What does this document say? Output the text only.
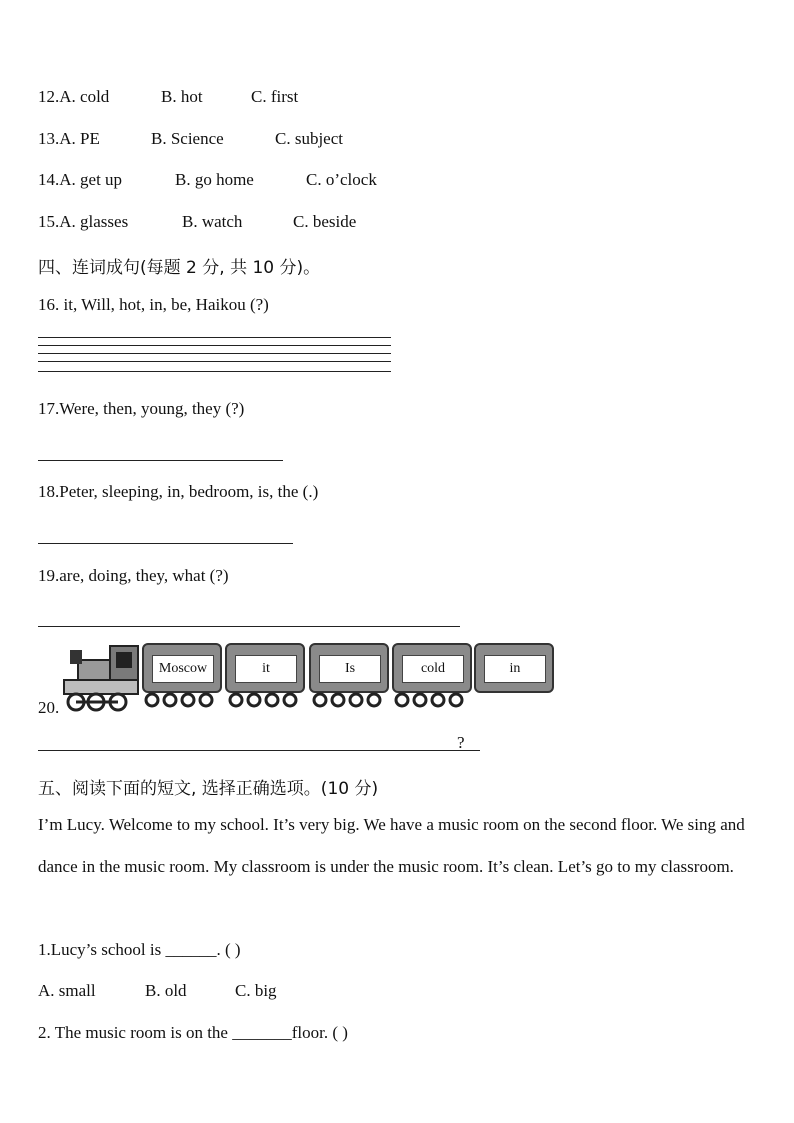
12.A. cold	B. hot	C. first
13.A. PE	B. Science	C. subject
14.A. get up	B. go home	C. o’clock
15.A. glasses	B. watch	C. beside
四、连词成句(每题 2 分, 共 10 分)。
16. it, Will, hot, in, be, Haikou (?)
17.Were, then, young, they (?)
18.Peter, sleeping, in, bedroom, is, the (.)
19.are, doing, they, what (?)
20.
Moscow	it	Is	cold	in
?
五、阅读下面的短文, 选择正确选项。(10 分)
I’m Lucy. Welcome to my school. It’s very big. We have a music room on the second floor. We sing and dance in the music room. My classroom is under the music room. It’s clean. Let’s go to my classroom.
1.Lucy’s school is ______. ( )
A. small	B. old	C. big
2. The music room is on the _______floor. ( )
